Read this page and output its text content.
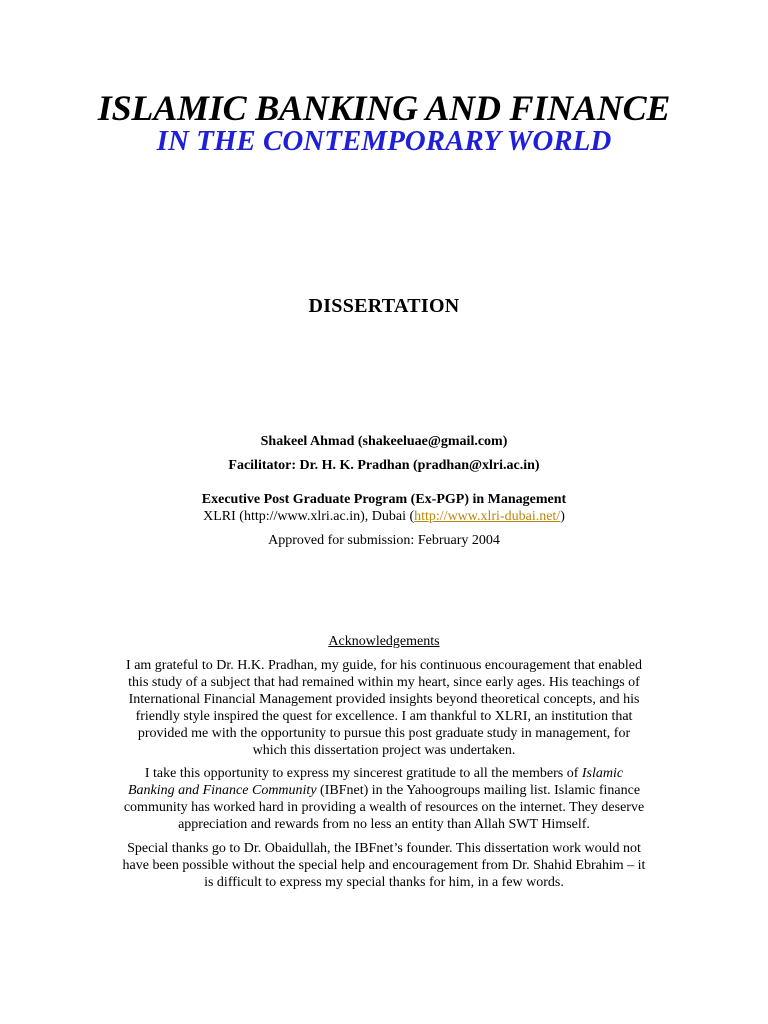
ISLAMIC BANKING AND FINANCE
IN THE CONTEMPORARY WORLD
DISSERTATION
Shakeel Ahmad (shakeeluae@gmail.com)
Facilitator: Dr. H. K. Pradhan (pradhan@xlri.ac.in)
Executive Post Graduate Program (Ex-PGP) in Management
XLRI (http://www.xlri.ac.in), Dubai (http://www.xlri-dubai.net/)
Approved for submission: February 2004
Acknowledgements
I am grateful to Dr. H.K. Pradhan, my guide, for his continuous encouragement that enabled
this study of a subject that had remained within my heart, since early ages. His teachings of
International Financial Management provided insights beyond theoretical concepts, and his
friendly style inspired the quest for excellence. I am thankful to XLRI, an institution that
provided me with the opportunity to pursue this post graduate study in management, for
which this dissertation project was undertaken.
I take this opportunity to express my sincerest gratitude to all the members of Islamic
Banking and Finance Community (IBFnet) in the Yahoogroups mailing list. Islamic finance
community has worked hard in providing a wealth of resources on the internet. They deserve
appreciation and rewards from no less an entity than Allah SWT Himself.
Special thanks go to Dr. Obaidullah, the IBFnet’s founder. This dissertation work would not
have been possible without the special help and encouragement from Dr. Shahid Ebrahim – it
is difficult to express my special thanks for him, in a few words.
